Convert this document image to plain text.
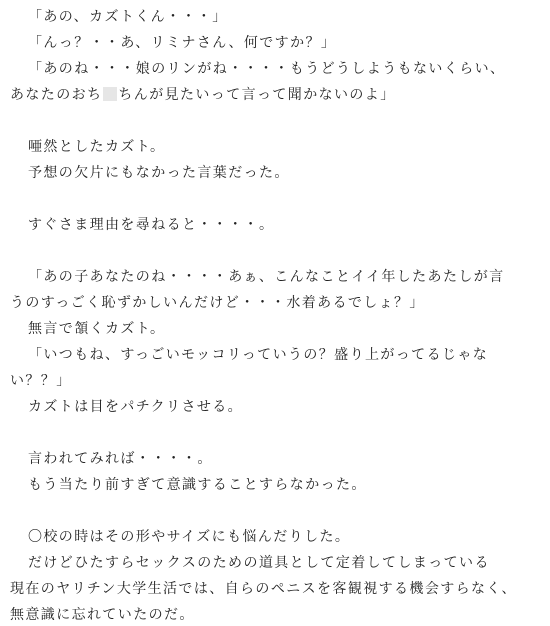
「あの、カズトくん・・・」
「んっ？・・あ、リミナさん、何ですか？」
「あのね・・・娘のリンがね・・・・もうどうしようもないくらい、
あなたのおち ちんが見たいって言って聞かないのよ」
唖然としたカズト。
予想の欠片にもなかった言葉だった。
すぐさま理由を尋ねると・・・・。
「あの子あなたのね・・・・あぁ、こんなことイイ年したあたしが言
うのすっごく恥ずかしいんだけど・・・水着あるでしょ？」
無言で頷くカズト。
「いつもね、すっごいモッコリっていうの？盛り上がってるじゃな
い？？」
カズトは目をパチクリさせる。
言われてみれば・・・・。
もう当たり前すぎて意識することすらなかった。
〇校の時はその形やサイズにも悩んだりした。
だけどひたすらセックスのための道具として定着してしまっている
現在のヤリチン大学生活では、自らのペニスを客観視する機会すらなく、
無意識に忘れていたのだ。
